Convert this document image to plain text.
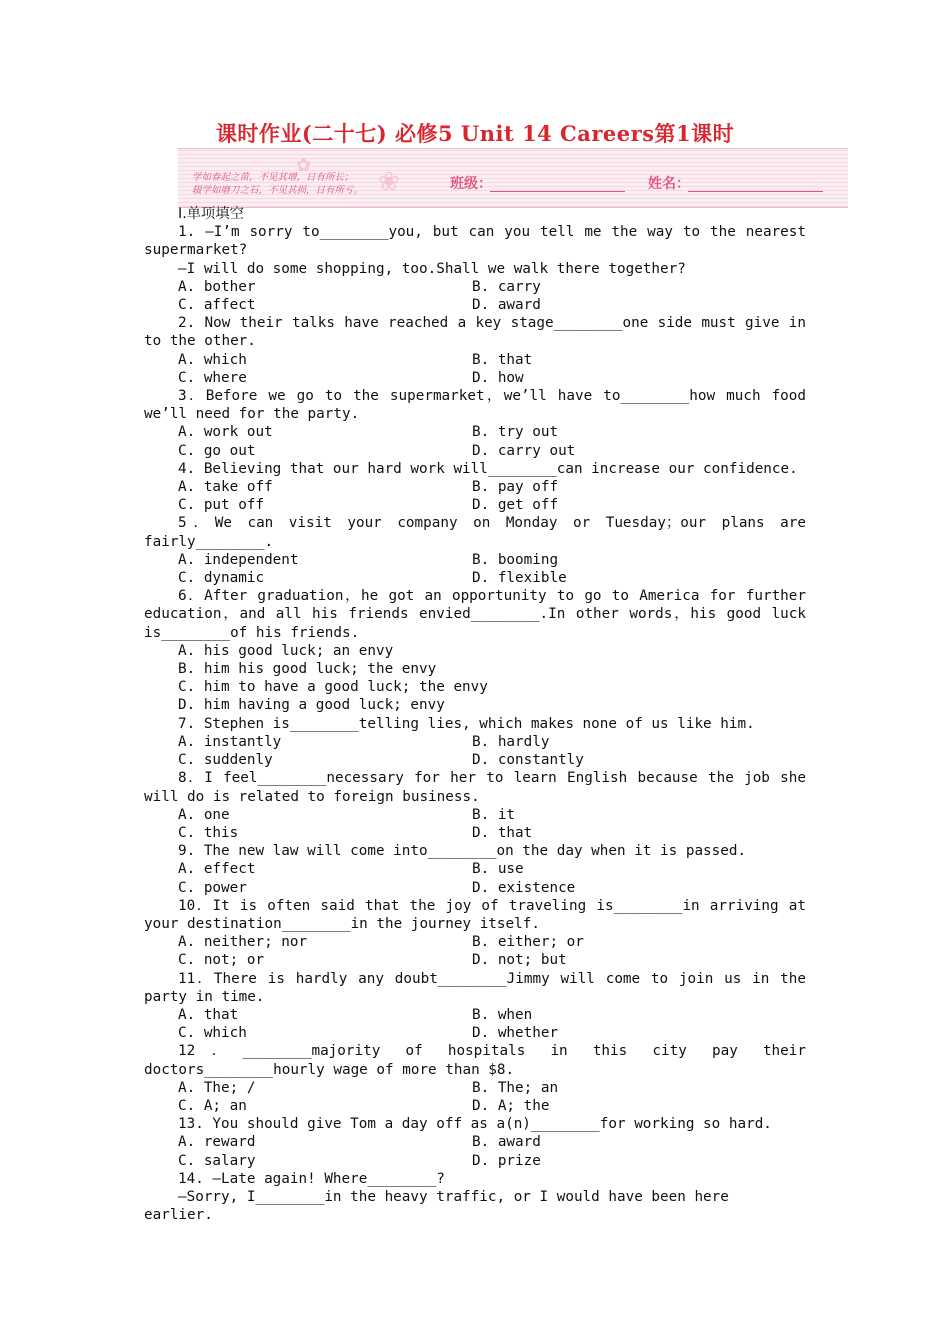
课时作业(二十七) 必修5 Unit 14 Careers第1课时
✿
❀
学如春起之苗，不见其增，日有所长；
辍学如磨刀之石，不见其损，日有所亏。	班级：	姓名：
Ⅰ.单项填空
1. —I’m sorry to________you, but can you tell me the way to the nearest supermarket?
—I will do some shopping, too.Shall we walk there together?
A. bother	B. carry
C. affect	D. award
2. Now their talks have reached a key stage________one side must give in to the other.
A. which	B. that
C. where	D. how
3．Before we go to the supermarket，we’ll have to________how much food we’ll need for the party.
A. work out	B. try out
C. go out	D. carry out
4. Believing that our hard work will________can increase our confidence.
A. take off	B. pay off
C. put off	D. get off
5．We can visit your company on Monday or Tuesday；our plans are fairly________.
A. independent	B. booming
C. dynamic	D. flexible
6．After graduation，he got an opportunity to go to America for further education，and all his friends envied________.In other words，his good luck is________of his friends.
A. his good luck; an envy
B. him his good luck; the envy
C. him to have a good luck; the envy
D. him having a good luck; envy
7. Stephen is________telling lies, which makes none of us like him.
A. instantly	B. hardly
C. suddenly	D. constantly
8．I feel________necessary for her to learn English because the job she will do is related to foreign business.
A. one	B. it
C. this	D. that
9. The new law will come into________on the day when it is passed.
A. effect	B. use
C. power	D. existence
10．It is often said that the joy of traveling is________in arriving at your destination________in the journey itself.
A. neither; nor	B. either; or
C. not; or	D. not; but
11．There is hardly any doubt________Jimmy will come to join us in the party in time.
A. that	B. when
C. which	D. whether
12．________majority of hospitals in this city pay their doctors________hourly wage of more than $8.
A. The; /	B. The; an
C. A; an	D. A; the
13. You should give Tom a day off as a(n)________for working so hard.
A. reward	B. award
C. salary	D. prize
14. —Late again! Where________?
—Sorry, I________in the heavy traffic, or I would have been here earlier.
